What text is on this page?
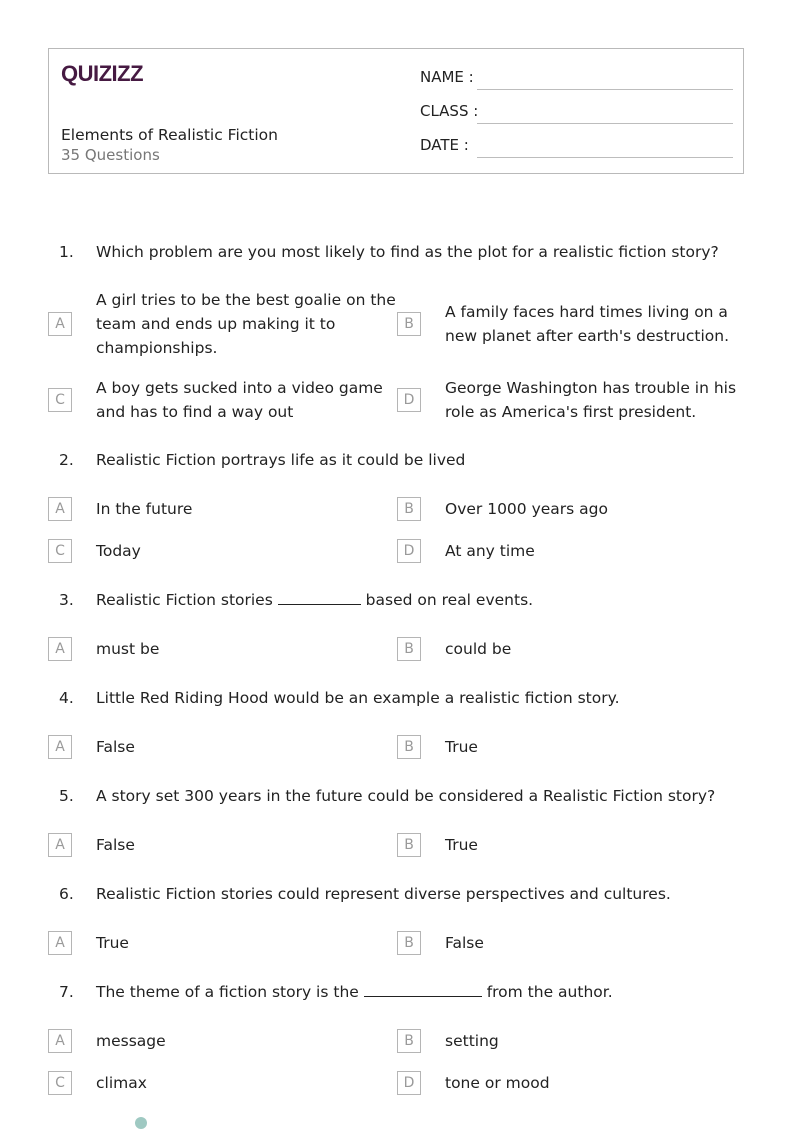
QUIZIZZ
Elements of Realistic Fiction
35 Questions
NAME :
CLASS :
DATE :
1. Which problem are you most likely to find as the plot for a realistic fiction story?
A
A girl tries to be the best goalie on the team and ends up making it to championships.
B
A family faces hard times living on a new planet after earth's destruction.
C
A boy gets sucked into a video game and has to find a way out
D
George Washington has trouble in his role as America's first president.
2. Realistic Fiction portrays life as it could be lived
A	In the future	B	Over 1000 years ago
C	Today	D	At any time
3. Realistic Fiction stories	based on real events.
A	must be	B	could be
4. Little Red Riding Hood would be an example a realistic fiction story.
A	False	B	True
5. A story set 300 years in the future could be considered a Realistic Fiction story?
A	False	B	True
6. Realistic Fiction stories could represent diverse perspectives and cultures.
A	True	B	False
7. The theme of a fiction story is the	from the author.
A	message	B	setting
C	climax	D	tone or mood
